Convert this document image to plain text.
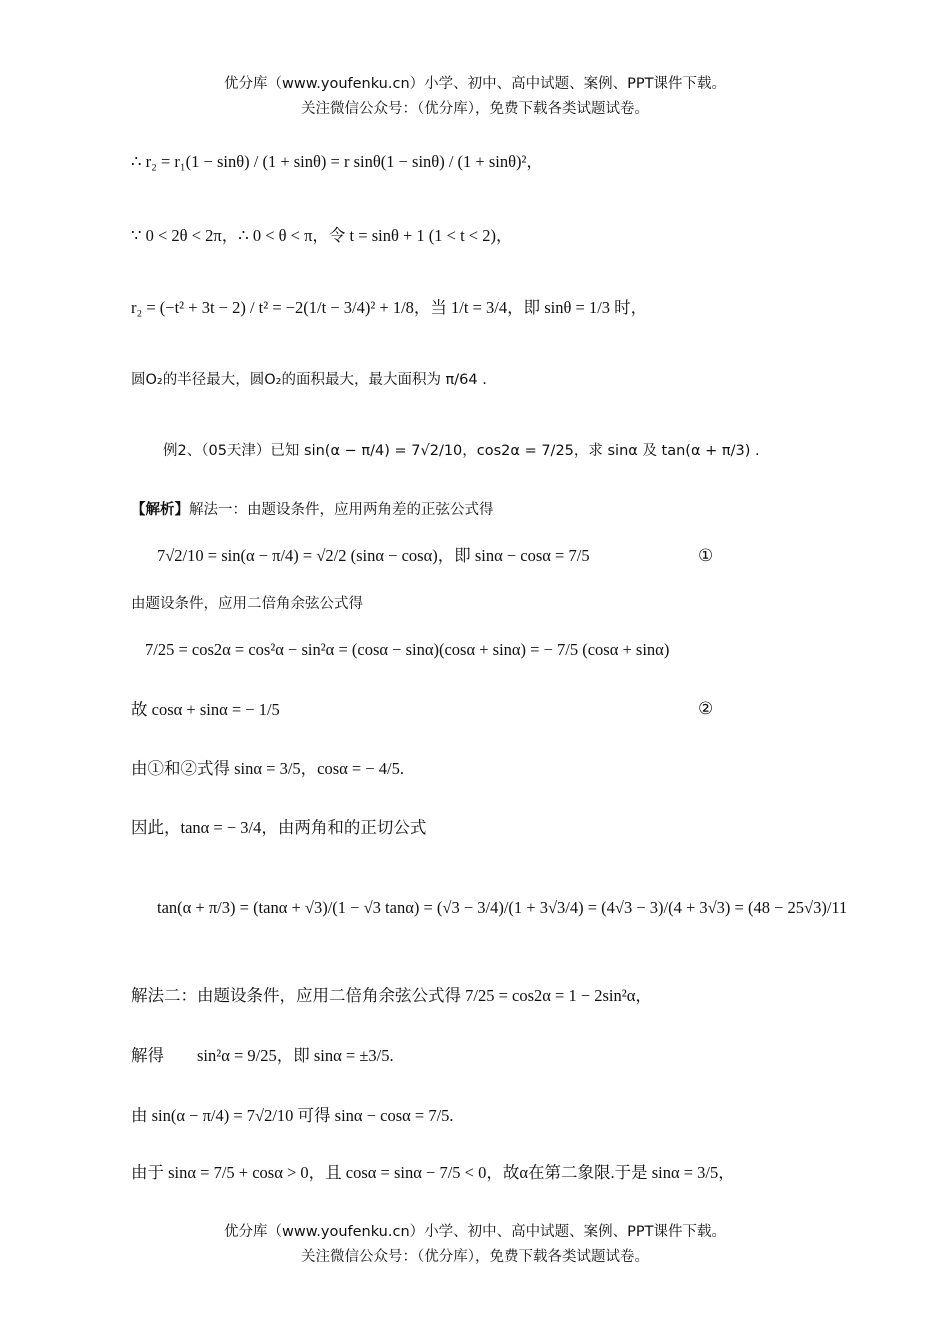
优分库（www.youfenku.cn）小学、初中、高中试题、案例、PPT课件下载。
关注微信公众号：（优分库），免费下载各类试题试卷。
∴ r₂ = r₁(1 − sinθ) / (1 + sinθ) = r sinθ(1 − sinθ) / (1 + sinθ)²，
∵ 0 < 2θ < 2π，∴ 0 < θ < π，令 t = sinθ + 1 (1 < t < 2)，
r₂ = (−t² + 3t − 2) / t² = −2(1/t − 3/4)² + 1/8，当 1/t = 3/4，即 sinθ = 1/3 时，
圆O₂的半径最大，圆O₂的面积最大，最大面积为 π/64 .
例2、（05天津）已知 sin(α − π/4) = 7√2/10，cos2α = 7/25，求 sinα 及 tan(α + π/3) .
【解析】解法一：由题设条件，应用两角差的正弦公式得
7√2/10 = sin(α − π/4) = √2/2 (sinα − cosα)，即 sinα − cosα = 7/5	①
由题设条件，应用二倍角余弦公式得
7/25 = cos2α = cos²α − sin²α = (cosα − sinα)(cosα + sinα) = − 7/5 (cosα + sinα)
故 cosα + sinα = − 1/5	②
由①和②式得 sinα = 3/5，cosα = − 4/5.
因此，tanα = − 3/4，由两角和的正切公式
tan(α + π/3) = (tanα + √3)/(1 − √3 tanα) = (√3 − 3/4)/(1 + 3√3/4) = (4√3 − 3)/(4 + 3√3) = (48 − 25√3)/11
解法二：由题设条件，应用二倍角余弦公式得 7/25 = cos2α = 1 − 2sin²α，
解得　　sin²α = 9/25，即 sinα = ±3/5.
由 sin(α − π/4) = 7√2/10 可得 sinα − cosα = 7/5.
由于 sinα = 7/5 + cosα > 0，且 cosα = sinα − 7/5 < 0，故α在第二象限.于是 sinα = 3/5，
优分库（www.youfenku.cn）小学、初中、高中试题、案例、PPT课件下载。
关注微信公众号：（优分库），免费下载各类试题试卷。
